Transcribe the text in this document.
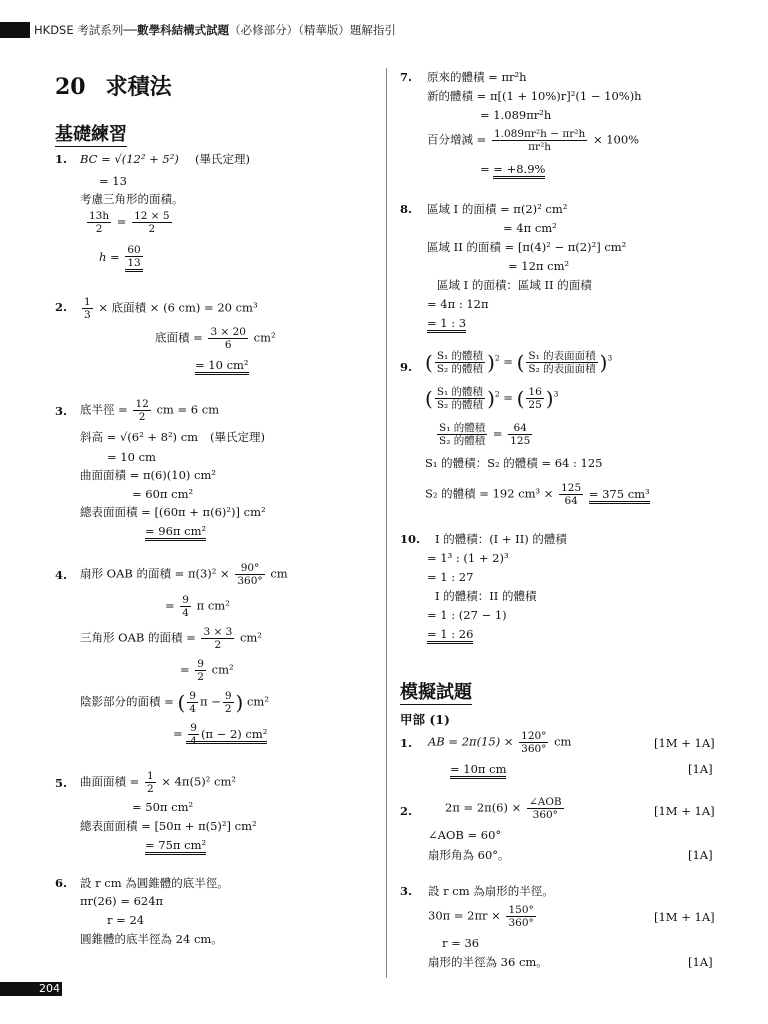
HKDSE 考試系列──數學科結構式試題（必修部分）（精華版）題解指引
20 求積法
基礎練習
1. BC = √(12² + 5²) (畢氏定理)
= 13
考慮三角形的面積。
$\frac{13h}{2} = \frac{12 \times 5}{2}$
$h = \frac{60}{13}$
2. $\frac{1}{3}$ × 底面積 × (6 cm) = 20 cm³
底面積 = $\frac{3 \times 20}{6} cm^2$
= 10 cm²
3. 底半徑 = $\frac{12}{2}$ cm = 6 cm
斜高 = √(6² + 8²) cm (畢氏定理)
= 10 cm
曲面面積 = π(6)(10) cm²
= 60π cm²
總表面面積 = [(60π + π(6)²)] cm²
= 96π cm²
4. 扇形 OAB 的面積 = $\pi(3)^2 \times \frac{90^\circ}{360^\circ}$ cm
= $\frac{9}{4}$ π cm²
三角形 OAB 的面積 = $\frac{3 \times 3}{2} cm^2$
= $\frac{9}{2} cm^2$
陰影部分的面積 = ( $\frac{9}{4}$ $\pi - \frac{9}{2}$ ) cm²
= $\frac{9}{4} (\pi - 2)$ cm²
5. 曲面面積 = $\frac{1}{2} \times 4\pi(5)^2$ cm²
= 50π cm²
總表面面積 = [50π + π(5)²] cm²
= 75π cm²
6. 設 r cm 為圓錐體的底半徑。
πr(26) = 624π
r = 24
圓錐體的底半徑為 24 cm。
7. 原來的體積 = πr²h
新的體積 = π[(1 + 10%)r]²(1 − 10%)h
= 1.089πr²h
百分增減 = $\frac{\text{1.089πr²h − πr²h}}{\text{πr²h}} \times 100\%$
= = +8.9%
8. 區域 I 的面積 = π(2)² cm²
= 4π cm²
區域 II 的面積 = [π(4)² − π(2)²] cm²
= 12π cm²
區域 I 的面積：區域 II 的面積
= 4π : 12π
= 1 : 3
9. ( $\frac{\text{S₁ 的體積}}{\text{S₂ 的體積}} )^2$ = ( $\frac{\text{S₁ 的表面面積}}{\text{S₂ 的表面面積}} )^3$
( $\frac{\text{S₁ 的體積}}{\text{S₂ 的體積}} )^2$ = ( $\frac{16}{25} )^3$
$\frac{\text{S₁ 的體積}}{\text{S₂ 的體積}} = \frac{64}{125}$
S₁ 的體積：S₂ 的體積 = 64 : 125
S₂ 的體積 = 192 $cm^3 \times \frac{125}{64} = 375$ cm³
10. I 的體積：(I + II) 的體積
= 1³ : (1 + 2)³
= 1 : 27
I 的體積：II 的體積
= 1 : (27 − 1)
= 1 : 26
模擬試題
甲部 (1)
1. AB = $2\pi(15) \times \frac{120^\circ}{360^\circ}$ cm	[1M + 1A]
= 10π cm	[1A]
2.	$2\pi = 2\pi(6) \times \frac{\text{∠AOB}}{360^\circ}$	[1M + 1A]
∠AOB = 60°
扇形角為 60°。	[1A]
3. 設 r cm 為扇形的半徑。
$30\pi = 2\pi r \times \frac{150^\circ}{360^\circ}$	[1M + 1A]
r = 36
扇形的半徑為 36 cm。	[1A]
204
